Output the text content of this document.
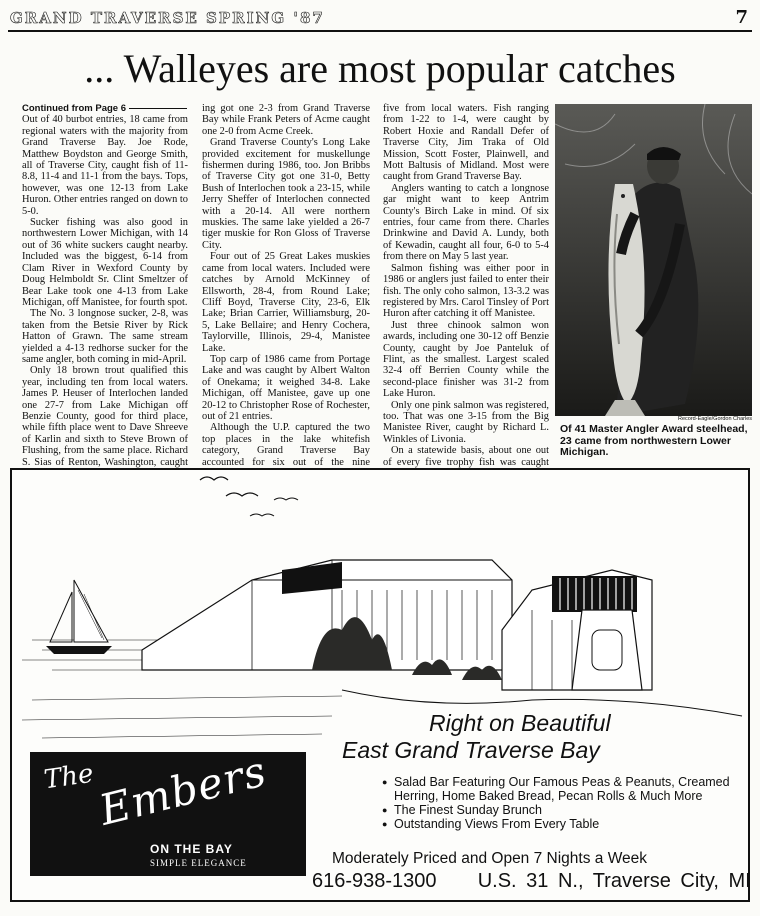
GRAND TRAVERSE SPRING '87	7
... Walleyes are most popular catches
Continued from Page 6

Out of 40 burbot entries, 18 came from regional waters with the majority from Grand Traverse Bay. Joe Rode, Matthew Boydston and George Smith, all of Traverse City, caught fish of 11-8.8, 11-4 and 11-1 from the bays. Tops, however, was one 12-13 from Lake Huron. Other entries ranged on down to 5-0.

Sucker fishing was also good in northwestern Lower Michigan, with 14 out of 36 white suckers caught nearby. Included was the biggest, 6-14 from Clam River in Wexford County by Doug Helmboldt Sr. Clint Smeltzer of Bear Lake took one 4-13 from Lake Michigan, off Manistee, for fourth spot.

The No. 3 longnose sucker, 2-8, was taken from the Betsie River by Rick Hatton of Grawn. The same stream yielded a 4-13 redhorse sucker for the same angler, both coming in mid-April.

Only 18 brown trout qualified this year, including ten from local waters. James P. Heuser of Interlochen landed one 27-7 from Lake Michigan off Benzie County, good for third place, while fifth place went to Dave Shreeve of Karlin and sixth to Steve Brown of Flushing, from the same place. Richard S. Sias of Renton, Washington, caught

ing got one 2-3 from Grand Traverse Bay while Frank Peters of Acme caught one 2-0 from Acme Creek.

Grand Traverse County's Long Lake provided excitement for muskellunge fishermen during 1986, too. Jon Bribbs of Traverse City got one 31-0, Betty Bush of Interlochen took a 23-15, while Jerry Sheffer of Interlochen connected with a 20-14. All were northern muskies. The same lake yielded a 26-7 tiger muskie for Ron Gloss of Traverse City.

Four out of 25 Great Lakes muskies came from local waters. Included were catches by Arnold McKinney of Ellsworth, 28-4, from Round Lake; Cliff Boyd, Traverse City, 23-6, Elk Lake; Brian Carrier, Williamsburg, 20-5, Lake Bellaire; and Henry Cochera, Taylorville, Illinois, 29-4, Manistee Lake.

Top carp of 1986 came from Portage Lake and was caught by Albert Walton of Onekama; it weighed 34-8. Lake Michigan, off Manistee, gave up one 20-12 to Christopher Rose of Rochester, out of 21 entries.

Although the U.P. captured the two top places in the lake whitefish category, Grand Traverse Bay accounted for six out of the nine

five from local waters. Fish ranging from 1-22 to 1-4, were caught by Robert Hoxie and Randall Defer of Traverse City, Jim Traka of Old Mission, Scott Foster, Plainwell, and Mott Baltusis of Midland. Most were caught from Grand Traverse Bay.

Anglers wanting to catch a longnose gar might want to keep Antrim County's Birch Lake in mind. Of six entries, four came from there. Charles Drinkwine and David A. Lundy, both of Kewadin, caught all four, 6-0 to 5-4 from there on May 5 last year.

Salmon fishing was either poor in 1986 or anglers just failed to enter their fish. The only coho salmon, 13-3.2 was registered by Mrs. Carol Tinsley of Port Huron after catching it off Manistee.

Just three chinook salmon won awards, including one 30-12 off Benzie County, caught by Joe Panteluk of Flint, as the smallest. Largest scaled 32-4 off Berrien County while the second-place finisher was 31-2 from Lake Huron.

Only one pink salmon was registered, too. That was one 3-15 from the Big Manistee River, caught by Richard L. Winkles of Livonia.

On a statewide basis, about one out of every five trophy fish was caught

Record-Eagle/Gordon Charles
Of 41 Master Angler Award steelhead, 23 came from northwestern Lower Michigan.
Right on Beautiful
East Grand Traverse Bay
● Salad Bar Featuring Our Famous Peas & Peanuts, Creamed Herring, Home Baked Bread, Pecan Rolls & Much More
● The Finest Sunday Brunch
● Outstanding Views From Every Table
Moderately Priced and Open 7 Nights a Week
616-938-1300 U.S. 31 N., Traverse City, MI
The Embers
ON THE BAY
SIMPLE ELEGANCE
